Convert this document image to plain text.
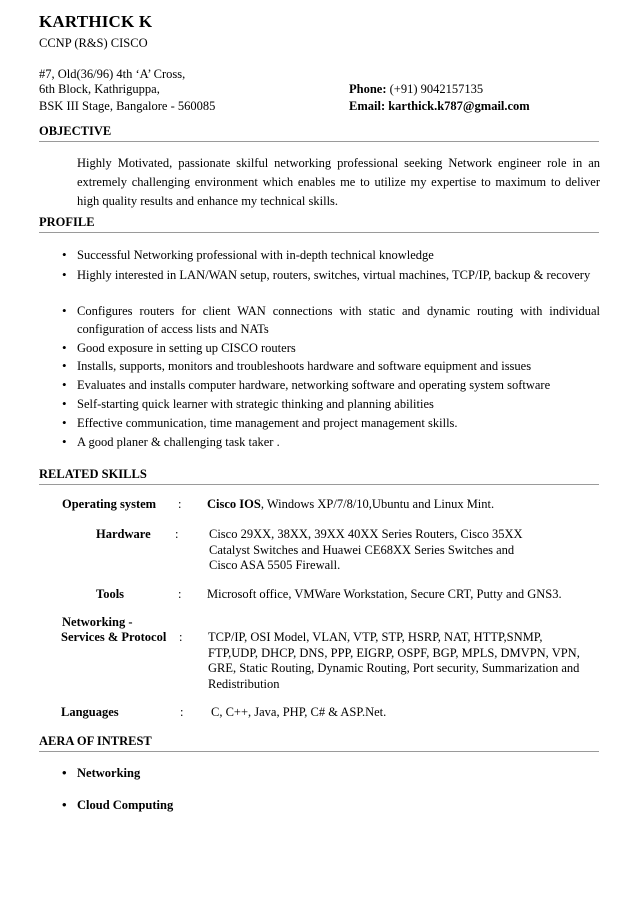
KARTHICK K
CCNP (R&S) CISCO
#7, Old(36/96) 4th ‘A’ Cross,
6th Block, Kathriguppa,
BSK III Stage, Bangalore - 560085
Phone: (+91) 9042157135
Email: karthick.k787@gmail.com
OBJECTIVE
Highly Motivated, passionate skilful networking professional seeking Network engineer role in an extremely challenging environment which enables me to utilize my expertise to maximum to deliver high quality results and enhance my technical skills.
PROFILE
• Successful Networking professional with in-depth technical knowledge
• Highly interested in LAN/WAN setup, routers, switches, virtual machines, TCP/IP, backup & recovery
• Configures routers for client WAN connections with static and dynamic routing with individual configuration of access lists and NATs
• Good exposure in setting up CISCO routers
• Installs, supports, monitors and troubleshoots hardware and software equipment and issues
• Evaluates and installs computer hardware, networking software and operating system software
• Self-starting quick learner with strategic thinking and planning abilities
• Effective communication, time management and project management skills.
• A good planer & challenging task taker .
RELATED SKILLS
Operating system : Cisco IOS, Windows XP/7/8/10,Ubuntu and Linux Mint.
Hardware : Cisco 29XX, 38XX, 39XX 40XX Series Routers, Cisco 35XX
Catalyst Switches and Huawei CE68XX Series Switches and
Cisco ASA 5505 Firewall.
Tools	: Microsoft office, VMWare Workstation, Secure CRT, Putty and GNS3.
Networking -
Services & Protocol : TCP/IP, OSI Model, VLAN, VTP, STP, HSRP, NAT, HTTP,SNMP,
FTP,UDP, DHCP, DNS, PPP, EIGRP, OSPF, BGP, MPLS, DMVPN, VPN,
GRE, Static Routing, Dynamic Routing, Port security, Summarization and
Redistribution
Languages	: C, C++, Java, PHP, C# & ASP.Net.
AERA OF INTREST
• Networking
• Cloud Computing
